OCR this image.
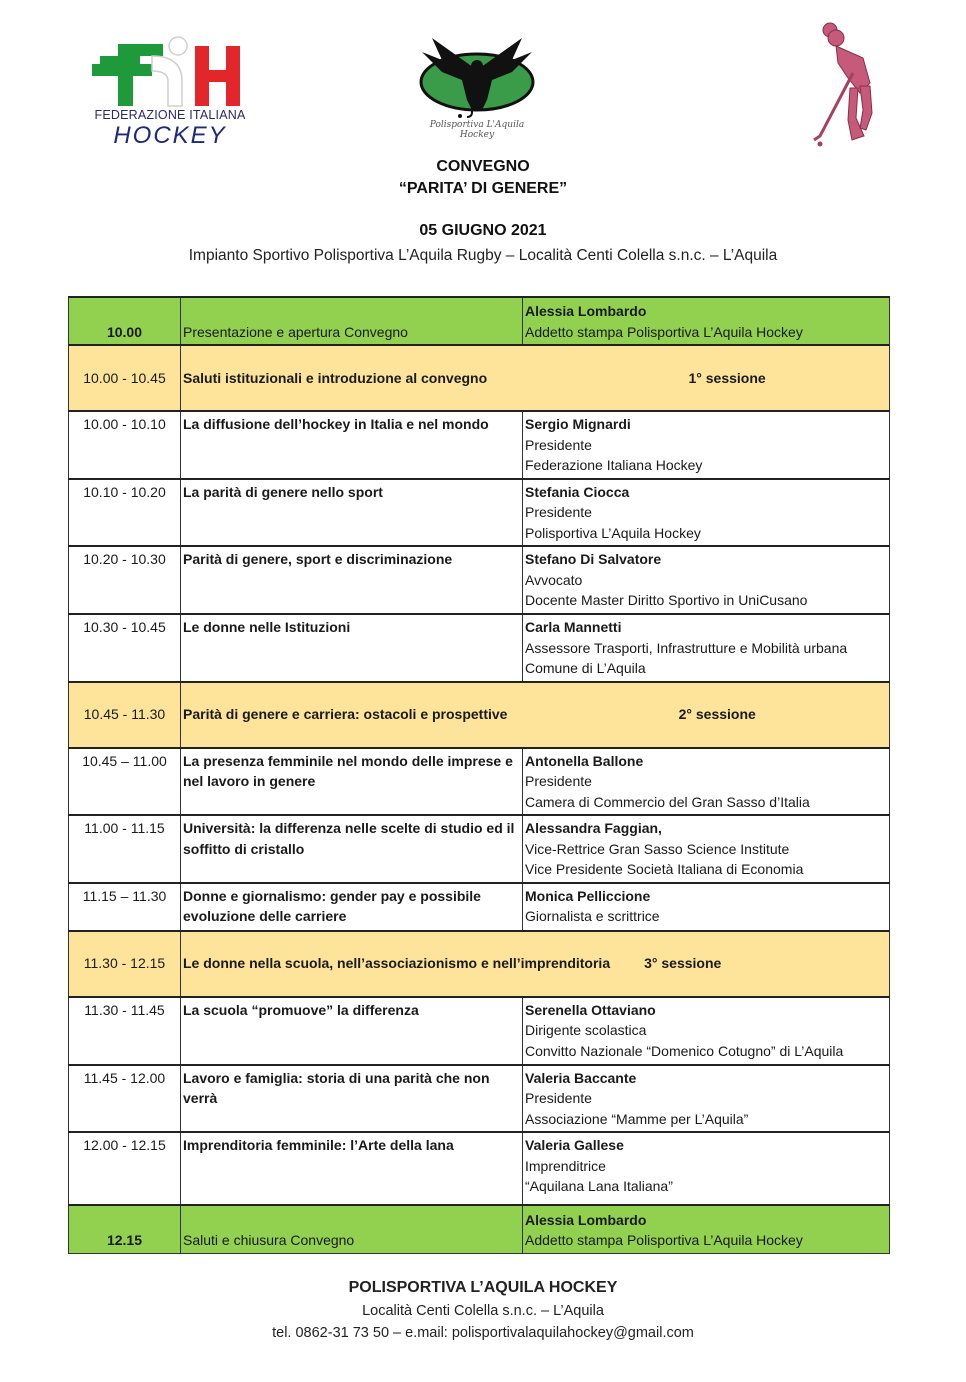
FEDERAZIONE ITALIANA
HOCKEY	Polisportiva L'Aquila Hockey
CONVEGNO
“PARITA’ DI GENERE”
05 GIUGNO 2021
Impianto Sportivo Polisportiva L’Aquila Rugby – Località Centi Colella s.n.c. – L’Aquila
10.00	Presentazione e apertura Convegno	Alessia Lombardo
Addetto stampa Polisportiva L’Aquila Hockey

10.00 - 10.45	Saluti istituzionali e introduzione al convegno 1° sessione	

10.00 - 10.10	La diffusione dell’hockey in Italia e nel mondo	Sergio Mignardi
Presidente
Federazione Italiana Hockey

10.10 - 10.20	La parità di genere nello sport	Stefania Ciocca
Presidente
Polisportiva L’Aquila Hockey

10.20 - 10.30	Parità di genere, sport e discriminazione	Stefano Di Salvatore
Avvocato
Docente Master Diritto Sportivo in UniCusano

10.30 - 10.45	Le donne nelle Istituzioni	Carla Mannetti
Assessore Trasporti, Infrastrutture e Mobilità urbana
Comune di L’Aquila

10.45 - 11.30	Parità di genere e carriera: ostacoli e prospettive 2° sessione	

10.45 – 11.00	La presenza femminile nel mondo delle imprese e nel lavoro in genere	Antonella Ballone
Presidente
Camera di Commercio del Gran Sasso d’Italia

11.00 - 11.15	Università: la differenza nelle scelte di studio ed il soffitto di cristallo	Alessandra Faggian,
Vice-Rettrice Gran Sasso Science Institute
Vice Presidente Società Italiana di Economia

11.15 – 11.30	Donne e giornalismo: gender pay e possibile evoluzione delle carriere	Monica Pelliccione
Giornalista e scrittrice

11.30 - 12.15	Le donne nella scuola, nell’associazionismo e nell’imprenditoria 3° sessione	

11.30 - 11.45	La scuola “promuove” la differenza	Serenella Ottaviano
Dirigente scolastica
Convitto Nazionale “Domenico Cotugno” di L’Aquila

11.45 - 12.00	Lavoro e famiglia: storia di una parità che non verrà	Valeria Baccante
Presidente
Associazione “Mamme per L’Aquila”

12.00 - 12.15	Imprenditoria femminile: l’Arte della lana	Valeria Gallese
Imprenditrice
“Aquilana Lana Italiana”

12.15	Saluti e chiusura Convegno	Alessia Lombardo
Addetto stampa Polisportiva L’Aquila Hockey
POLISPORTIVA L’AQUILA HOCKEY
Località Centi Colella s.n.c. – L’Aquila
tel. 0862-31 73 50 – e.mail: polisportivalaquilahockey@gmail.com
